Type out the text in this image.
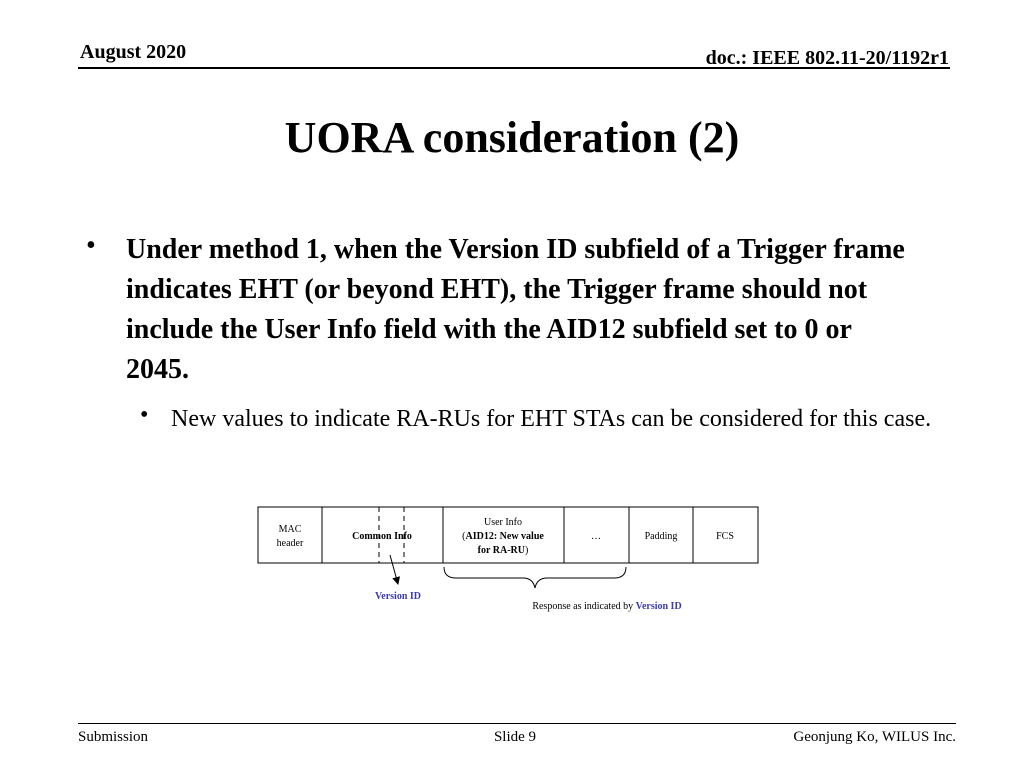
August 2020	doc.: IEEE 802.11-20/1192r1
UORA consideration (2)
• Under method 1, when the Version ID subfield of a Trigger frame indicates EHT (or beyond EHT), the Trigger frame should not include the User Info field with the AID12 subfield set to 0 or 2045.
• New values to indicate RA-RUs for EHT STAs can be considered for this case.
MAC
header
Common Info
User Info
(AID12: New value
for RA-RU)
…	Padding	FCS
Version ID
Response as indicated by Version ID
Submission	Slide 9	Geonjung Ko, WILUS Inc.
